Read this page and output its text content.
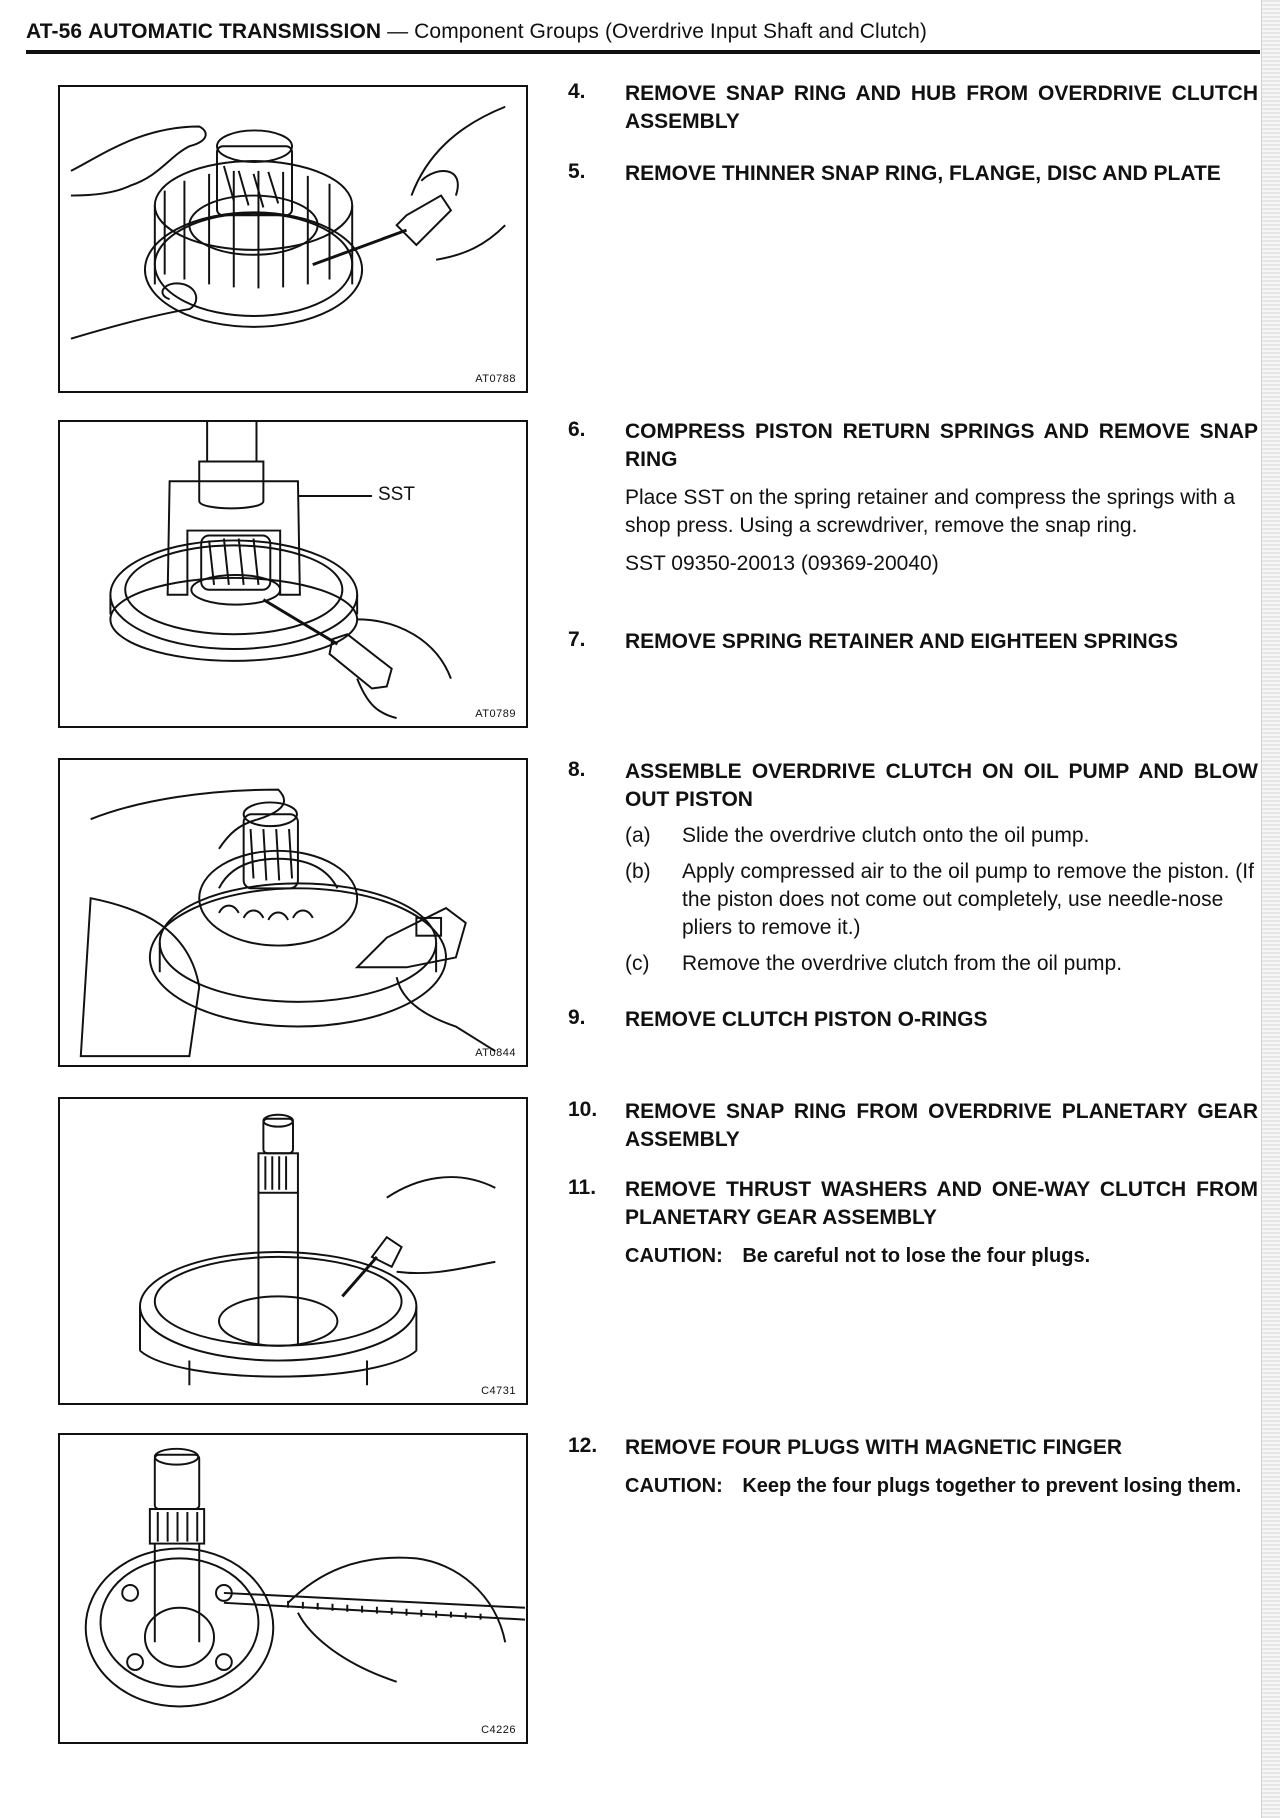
AT-56 AUTOMATIC TRANSMISSION — Component Groups (Overdrive Input Shaft and Clutch)
AT0788
SST
AT0789
AT0844
C4731
C4226
4. REMOVE SNAP RING AND HUB FROM OVERDRIVE CLUTCH ASSEMBLY
5. REMOVE THINNER SNAP RING, FLANGE, DISC AND PLATE
6. COMPRESS PISTON RETURN SPRINGS AND REMOVE SNAP RING
Place SST on the spring retainer and compress the springs with a shop press. Using a screwdriver, remove the snap ring.
SST 09350-20013 (09369-20040)
7. REMOVE SPRING RETAINER AND EIGHTEEN SPRINGS
8. ASSEMBLE OVERDRIVE CLUTCH ON OIL PUMP AND BLOW OUT PISTON
(a) Slide the overdrive clutch onto the oil pump.
(b) Apply compressed air to the oil pump to remove the piston. (If the piston does not come out completely, use needle-nose pliers to remove it.)
(c) Remove the overdrive clutch from the oil pump.
9. REMOVE CLUTCH PISTON O-RINGS
10. REMOVE SNAP RING FROM OVERDRIVE PLANETARY GEAR ASSEMBLY
11. REMOVE THRUST WASHERS AND ONE-WAY CLUTCH FROM PLANETARY GEAR ASSEMBLY
CAUTION: Be careful not to lose the four plugs.
12. REMOVE FOUR PLUGS WITH MAGNETIC FINGER
CAUTION: Keep the four plugs together to prevent losing them.
